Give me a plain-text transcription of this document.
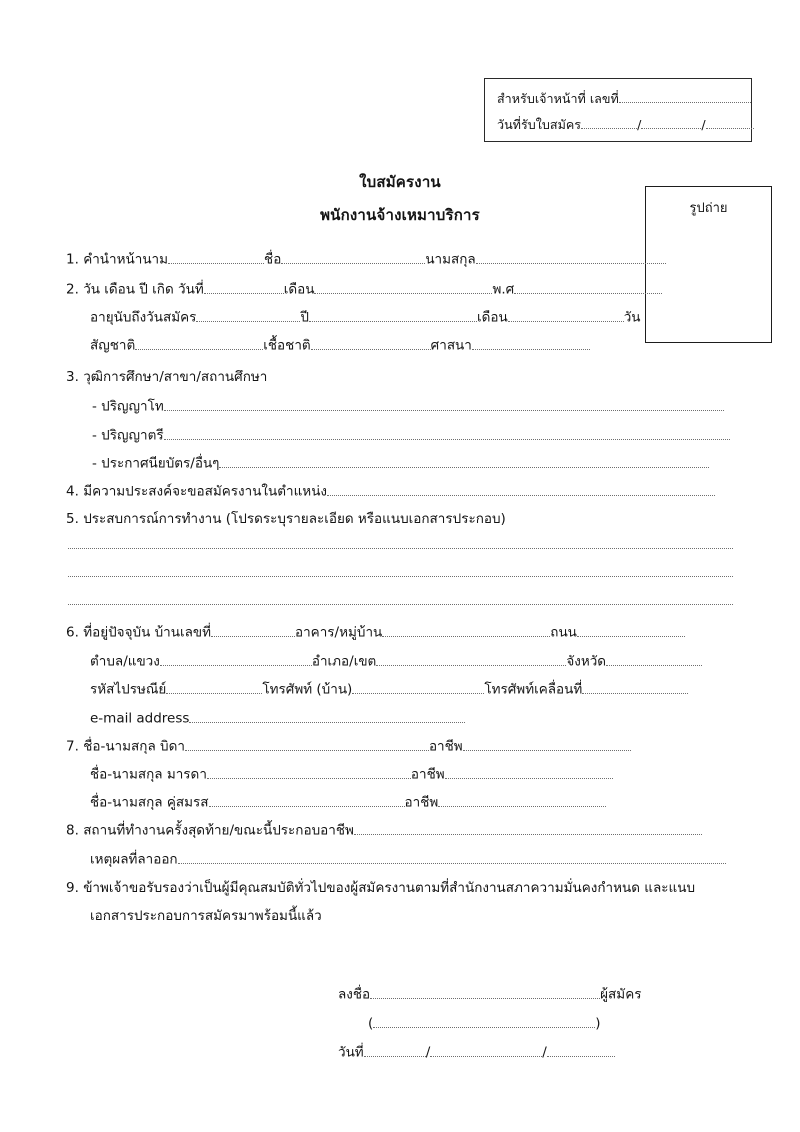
สำหรับเจ้าหน้าที่ เลขที่
วันที่รับใบสมัคร	/	/
ใบสมัครงาน
พนักงานจ้างเหมาบริการ	รูปถ่าย
1. คำนำหน้านาม	ชื่อ	นามสกุล
2. วัน เดือน ปี เกิด วันที่	เดือน	พ.ศ
อายุนับถึงวันสมัคร	ปี	เดือน	วัน
สัญชาติ	เชื้อชาติ	ศาสนา
3. วุฒิการศึกษา/สาขา/สถานศึกษา
- ปริญญาโท
- ปริญญาตรี
- ประกาศนียบัตร/อื่นๆ
4. มีความประสงค์จะขอสมัครงานในตำแหน่ง
5. ประสบการณ์การทำงาน (โปรดระบุรายละเอียด หรือแนบเอกสารประกอบ)
6. ที่อยู่ปัจจุบัน บ้านเลขที่	อาคาร/หมู่บ้าน	ถนน
ตำบล/แขวง	อำเภอ/เขต	จังหวัด
รหัสไปรษณีย์	โทรศัพท์ (บ้าน)	โทรศัพท์เคลื่อนที่
e-mail address
7. ชื่อ-นามสกุล บิดา	อาชีพ
ชื่อ-นามสกุล มารดา	อาชีพ
ชื่อ-นามสกุล คู่สมรส	อาชีพ
8. สถานที่ทำงานครั้งสุดท้าย/ขณะนี้ประกอบอาชีพ
เหตุผลที่ลาออก
9. ข้าพเจ้าขอรับรองว่าเป็นผู้มีคุณสมบัติทั่วไปของผู้สมัครงานตามที่สำนักงานสภาความมั่นคงกำหนด และแนบ
เอกสารประกอบการสมัครมาพร้อมนี้แล้ว
ลงชื่อ	ผู้สมัคร
(	)
วันที่	/	/
